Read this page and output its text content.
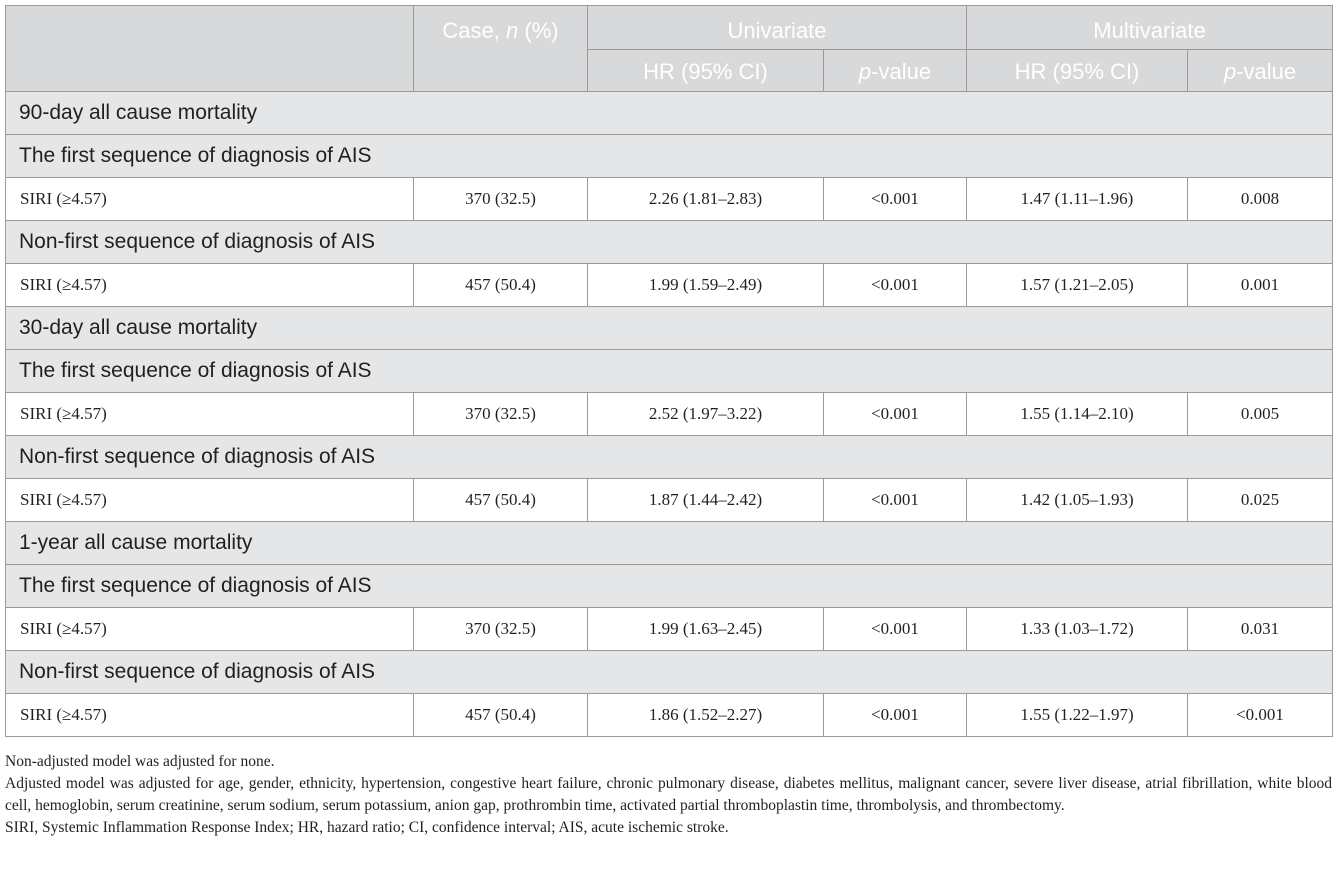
	Case, n (%)	Univariate		Multivariate	
		HR (95% CI)	p-value	HR (95% CI)	p-value
90-day all cause mortality					
The first sequence of diagnosis of AIS					
SIRI (≥4.57)	370 (32.5)	2.26 (1.81–2.83)	<0.001	1.47 (1.11–1.96)	0.008
Non-first sequence of diagnosis of AIS					
SIRI (≥4.57)	457 (50.4)	1.99 (1.59–2.49)	<0.001	1.57 (1.21–2.05)	0.001
30-day all cause mortality					
The first sequence of diagnosis of AIS					
SIRI (≥4.57)	370 (32.5)	2.52 (1.97–3.22)	<0.001	1.55 (1.14–2.10)	0.005
Non-first sequence of diagnosis of AIS					
SIRI (≥4.57)	457 (50.4)	1.87 (1.44–2.42)	<0.001	1.42 (1.05–1.93)	0.025
1-year all cause mortality					
The first sequence of diagnosis of AIS					
SIRI (≥4.57)	370 (32.5)	1.99 (1.63–2.45)	<0.001	1.33 (1.03–1.72)	0.031
Non-first sequence of diagnosis of AIS					
SIRI (≥4.57)	457 (50.4)	1.86 (1.52–2.27)	<0.001	1.55 (1.22–1.97)	<0.001

Non-adjusted model was adjusted for none.

Adjusted model was adjusted for age, gender, ethnicity, hypertension, congestive heart failure, chronic pulmonary disease, diabetes mellitus, malignant cancer, severe liver disease, atrial fibrillation, white blood cell, hemoglobin, serum creatinine, serum sodium, serum potassium, anion gap, prothrombin time, activated partial thromboplastin time, thrombolysis, and thrombectomy.

SIRI, Systemic Inflammation Response Index; HR, hazard ratio; CI, confidence interval; AIS, acute ischemic stroke.
